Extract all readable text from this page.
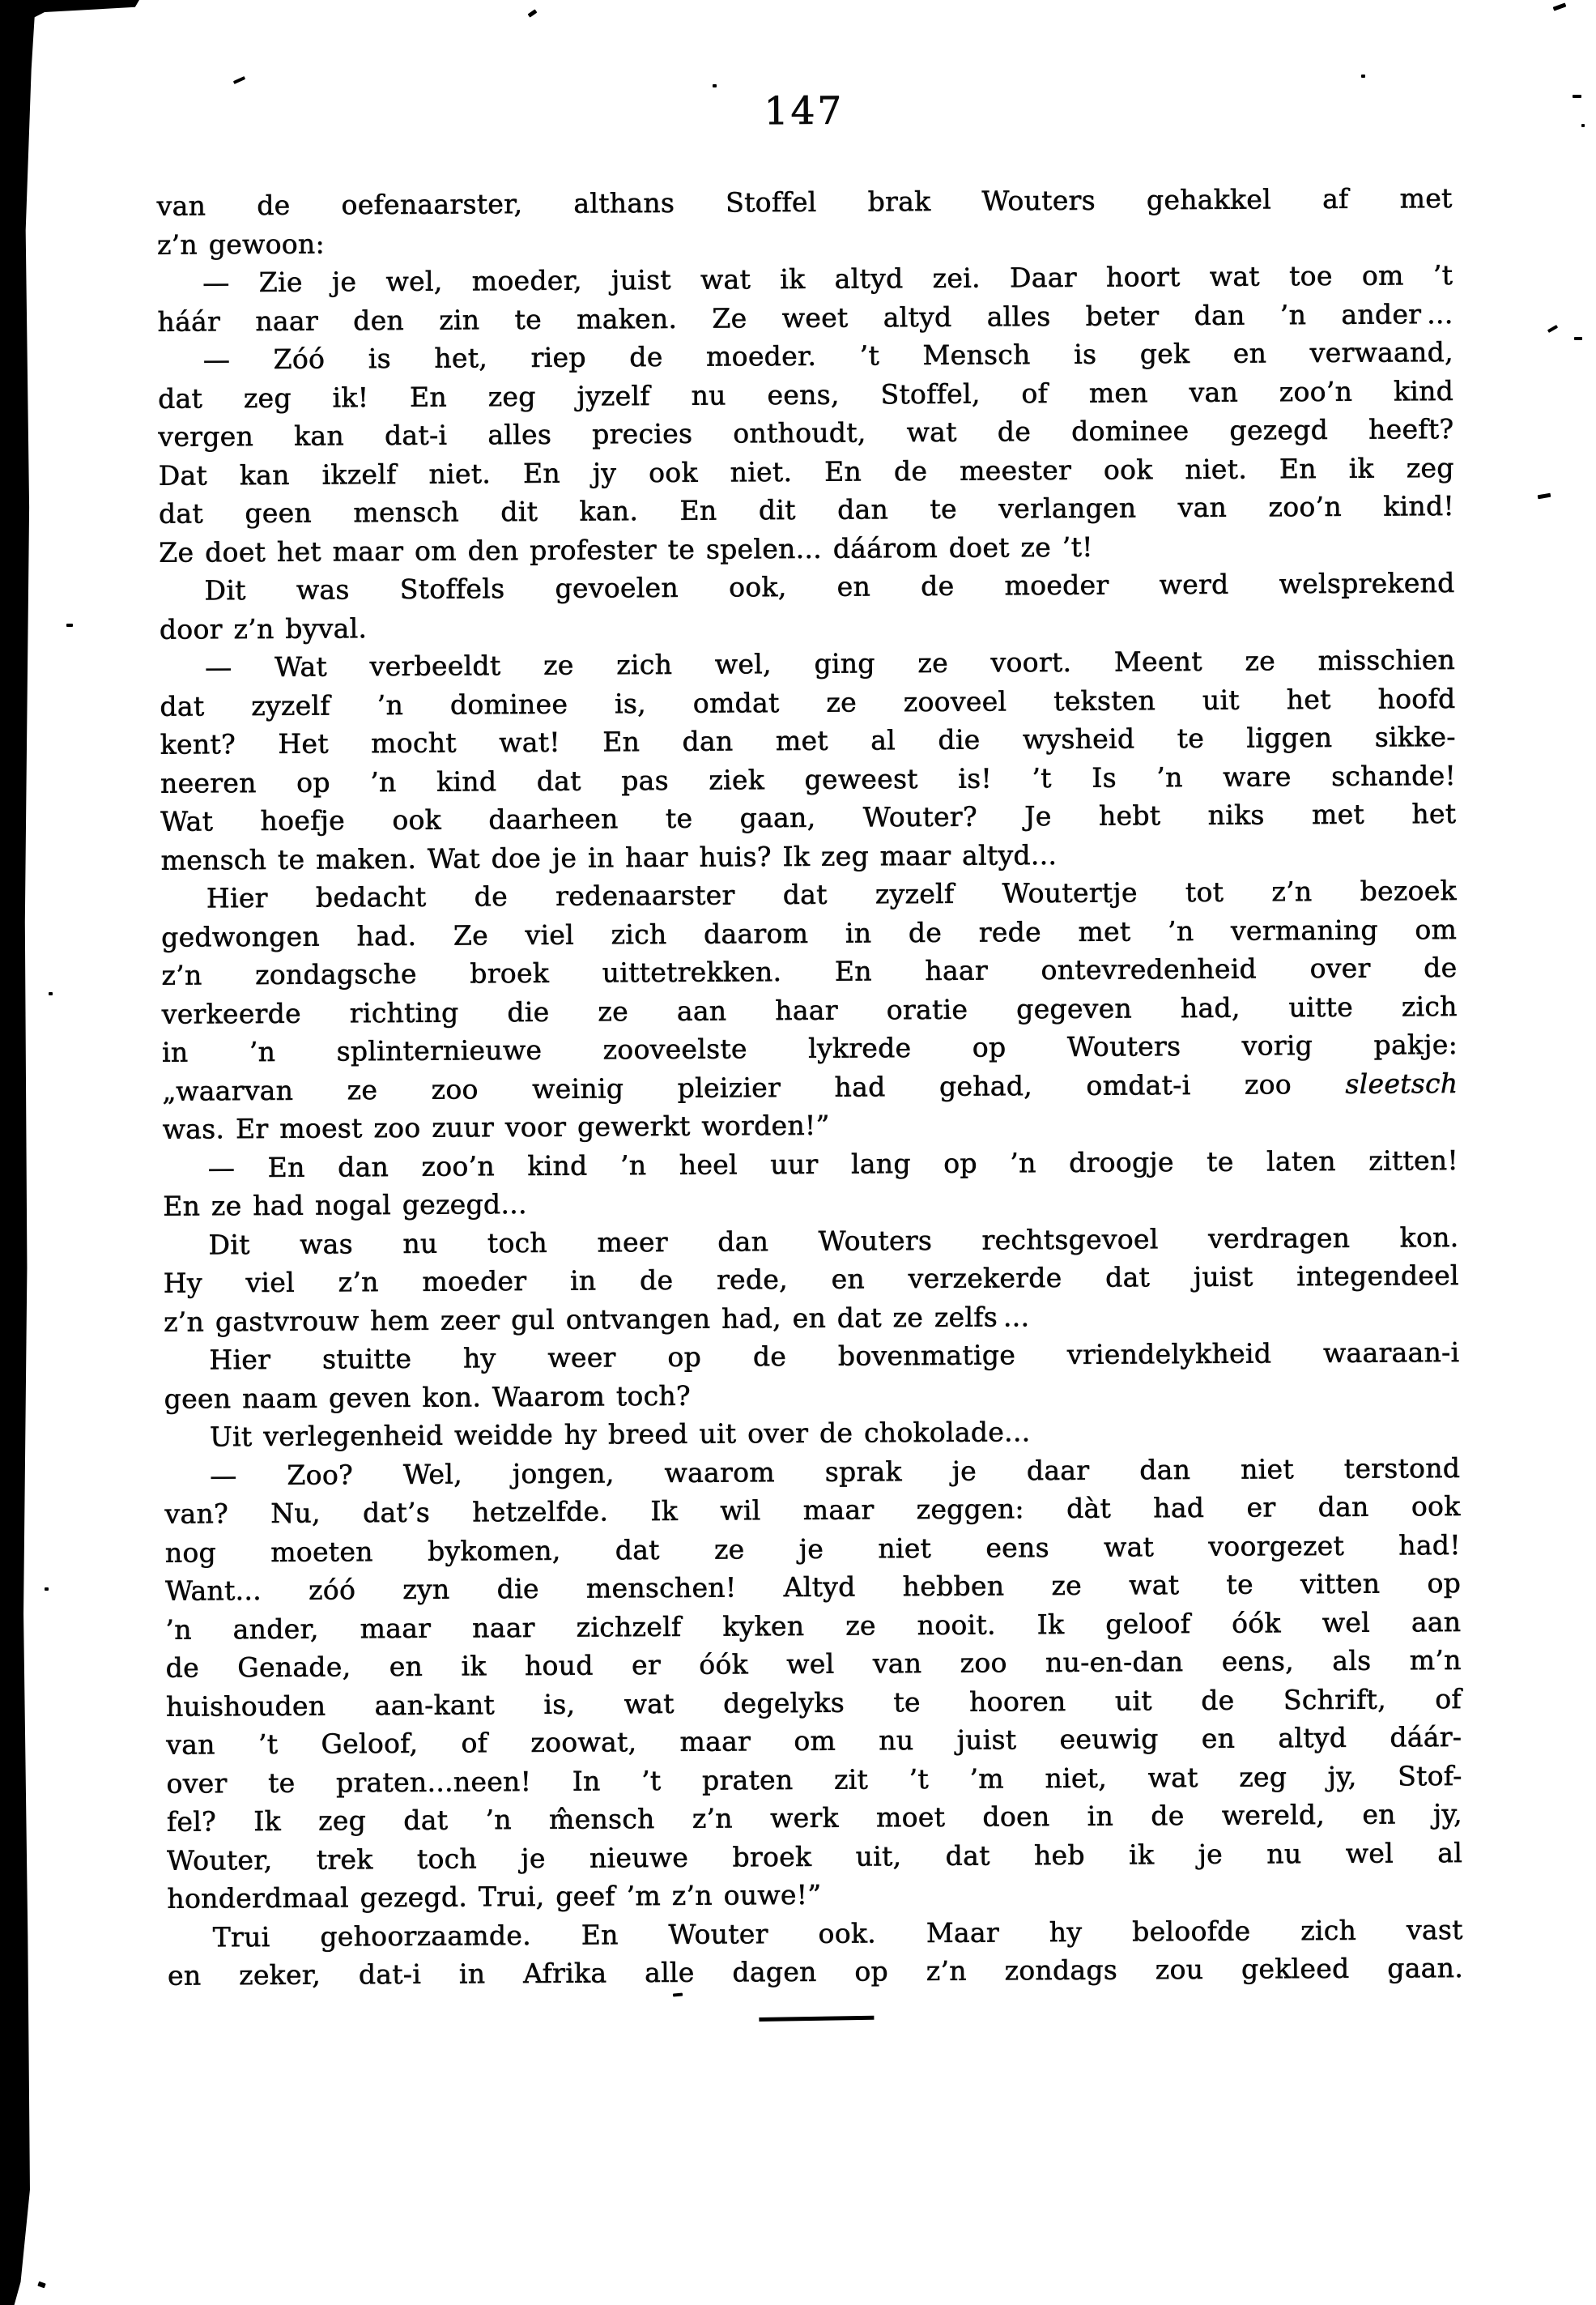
147
van de oefenaarster, althans Stoffel brak Wouters gehakkel af met
z’n gewoon:
— Zie je wel, moeder, juist wat ik altyd zei. Daar hoort wat toe om ’t
háár naar den zin te maken. Ze weet altyd alles beter dan ’n ander ...
— Zóó is het, riep de moeder. ’t Mensch is gek en verwaand,
dat zeg ik! En zeg jyzelf nu eens, Stoffel, of men van zoo’n kind
vergen kan dat-i alles precies onthoudt, wat de dominee gezegd heeft?
Dat kan ikzelf niet. En jy ook niet. En de meester ook niet. En ik zeg
dat geen mensch dit kan. En dit dan te verlangen van zoo’n kind!
Ze doet het maar om den profester te spelen... dáárom doet ze ’t!
Dit was Stoffels gevoelen ook, en de moeder werd welsprekend
door z’n byval.
— Wat verbeeldt ze zich wel, ging ze voort. Meent ze misschien
dat zyzelf ’n dominee is, omdat ze zooveel teksten uit het hoofd
kent? Het mocht wat! En dan met al die wysheid te liggen sikke-
neeren op ’n kind dat pas ziek geweest is! ’t Is ’n ware schande!
Wat hoefje ook daarheen te gaan, Wouter? Je hebt niks met het
mensch te maken. Wat doe je in haar huis? Ik zeg maar altyd...
Hier bedacht de redenaarster dat zyzelf Woutertje tot z’n bezoek
gedwongen had. Ze viel zich daarom in de rede met ’n vermaning om
z’n zondagsche broek uittetrekken. En haar ontevredenheid over de
verkeerde richting die ze aan haar oratie gegeven had, uitte zich
in ’n splinternieuwe zooveelste lykrede op Wouters vorig pakje:
„waarvan ze zoo weinig pleizier had gehad, omdat-i zoo sleetsch
was. Er moest zoo zuur voor gewerkt worden!”
— En dan zoo’n kind ’n heel uur lang op ’n droogje te laten zitten!
En ze had nogal gezegd...
Dit was nu toch meer dan Wouters rechtsgevoel verdragen kon.
Hy viel z’n moeder in de rede, en verzekerde dat juist integendeel
z’n gastvrouw hem zeer gul ontvangen had, en dat ze zelfs ...
Hier stuitte hy weer op de bovenmatige vriendelykheid waaraan-i
geen naam geven kon. Waarom toch?
Uit verlegenheid weidde hy breed uit over de chokolade...
— Zoo? Wel, jongen, waarom sprak je daar dan niet terstond
van? Nu, dat’s hetzelfde. Ik wil maar zeggen: dàt had er dan ook
nog moeten bykomen, dat ze je niet eens wat voorgezet had!
Want... zóó zyn die menschen! Altyd hebben ze wat te vitten op
’n ander, maar naar zichzelf kyken ze nooit. Ik geloof óók wel aan
de Genade, en ik houd er óók wel van zoo nu-en-dan eens, als m’n
huishouden aan-kant is, wat degelyks te hooren uit de Schrift, of
van ’t Geloof, of zoowat, maar om nu juist eeuwig en altyd dáár-
over te praten...neen! In ’t praten zit ’t ’m niet, wat zeg jy, Stof-
fel? Ik zeg dat ’n m̂ensch z’n werk moet doen in de wereld, en jy,
Wouter, trek toch je nieuwe broek uit, dat heb ik je nu wel al
honderdmaal gezegd. Trui, geef ’m z’n ouwe!”
Trui gehoorzaamde. En Wouter ook. Maar hy beloofde zich vast
en zeker, dat-i in Afrika alle dagen op z’n zondags zou gekleed gaan.
